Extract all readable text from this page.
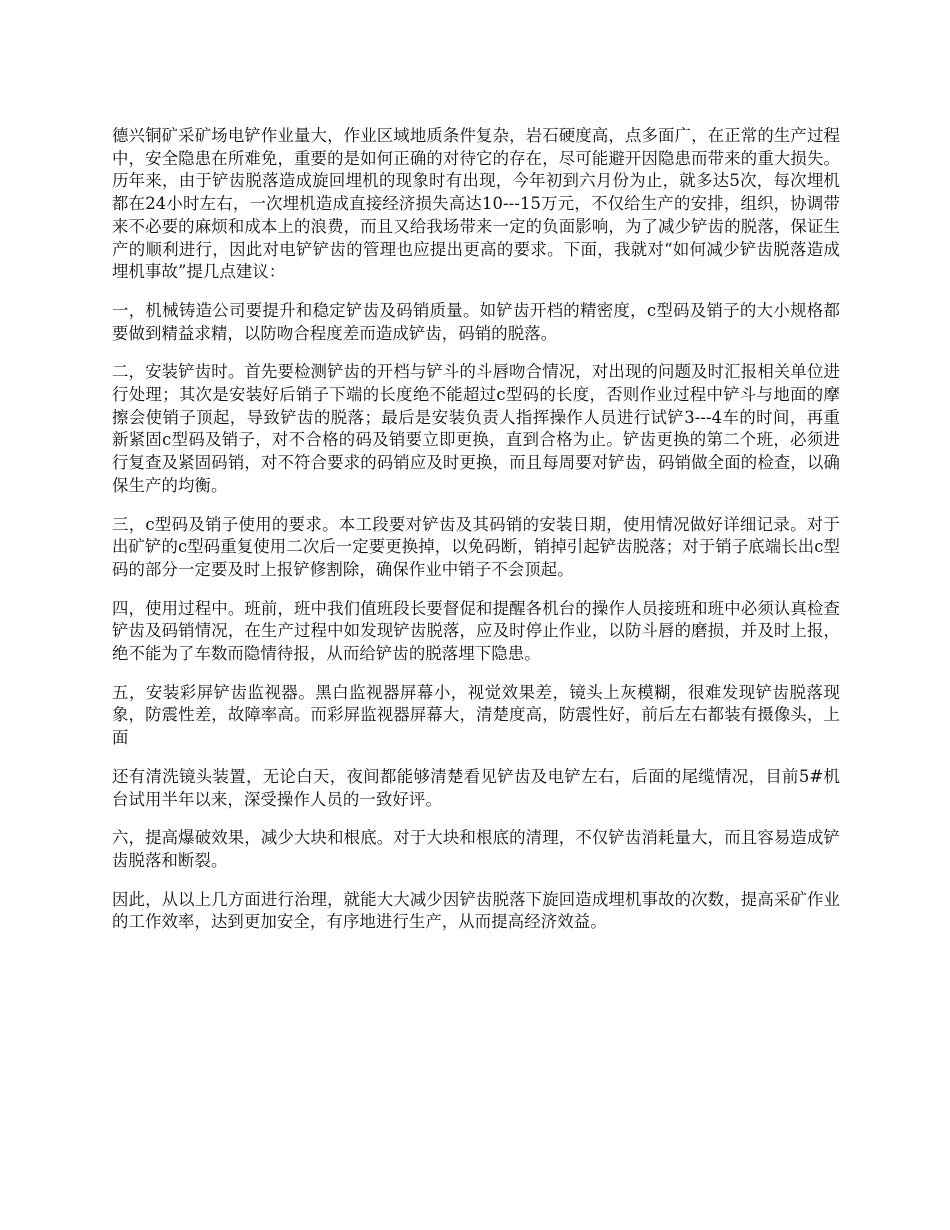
德兴铜矿采矿场电铲作业量大，作业区域地质条件复杂，岩石硬度高，点多面广，在正常的生产过程中，安全隐患在所难免，重要的是如何正确的对待它的存在，尽可能避开因隐患而带来的重大损失。历年来，由于铲齿脱落造成旋回埋机的现象时有出现，今年初到六月份为止，就多达5次，每次埋机都在24小时左右，一次埋机造成直接经济损失高达10---15万元，不仅给生产的安排，组织，协调带来不必要的麻烦和成本上的浪费，而且又给我场带来一定的负面影响，为了减少铲齿的脱落，保证生产的顺利进行，因此对电铲铲齿的管理也应提出更高的要求。下面，我就对“如何减少铲齿脱落造成埋机事故”提几点建议：

一，机械铸造公司要提升和稳定铲齿及码销质量。如铲齿开档的精密度，c型码及销子的大小规格都要做到精益求精，以防吻合程度差而造成铲齿，码销的脱落。

二，安装铲齿时。首先要检测铲齿的开档与铲斗的斗唇吻合情况，对出现的问题及时汇报相关单位进行处理；其次是安装好后销子下端的长度绝不能超过c型码的长度，否则作业过程中铲斗与地面的摩擦会使销子顶起，导致铲齿的脱落；最后是安装负责人指挥操作人员进行试铲3---4车的时间，再重新紧固c型码及销子，对不合格的码及销要立即更换，直到合格为止。铲齿更换的第二个班，必须进行复查及紧固码销，对不符合要求的码销应及时更换，而且每周要对铲齿，码销做全面的检查，以确保生产的均衡。

三，c型码及销子使用的要求。本工段要对铲齿及其码销的安装日期，使用情况做好详细记录。对于出矿铲的c型码重复使用二次后一定要更换掉，以免码断，销掉引起铲齿脱落；对于销子底端长出c型码的部分一定要及时上报铲修割除，确保作业中销子不会顶起。

四，使用过程中。班前，班中我们值班段长要督促和提醒各机台的操作人员接班和班中必须认真检查铲齿及码销情况，在生产过程中如发现铲齿脱落，应及时停止作业，以防斗唇的磨损，并及时上报，绝不能为了车数而隐情待报，从而给铲齿的脱落埋下隐患。

五，安装彩屏铲齿监视器。黑白监视器屏幕小，视觉效果差，镜头上灰模糊，很难发现铲齿脱落现象，防震性差，故障率高。而彩屏监视器屏幕大，清楚度高，防震性好，前后左右都装有摄像头，上面

还有清洗镜头装置，无论白天，夜间都能够清楚看见铲齿及电铲左右，后面的尾缆情况，目前5#机台试用半年以来，深受操作人员的一致好评。

六，提高爆破效果，减少大块和根底。对于大块和根底的清理，不仅铲齿消耗量大，而且容易造成铲齿脱落和断裂。

因此，从以上几方面进行治理，就能大大减少因铲齿脱落下旋回造成埋机事故的次数，提高采矿作业的工作效率，达到更加安全，有序地进行生产，从而提高经济效益。
